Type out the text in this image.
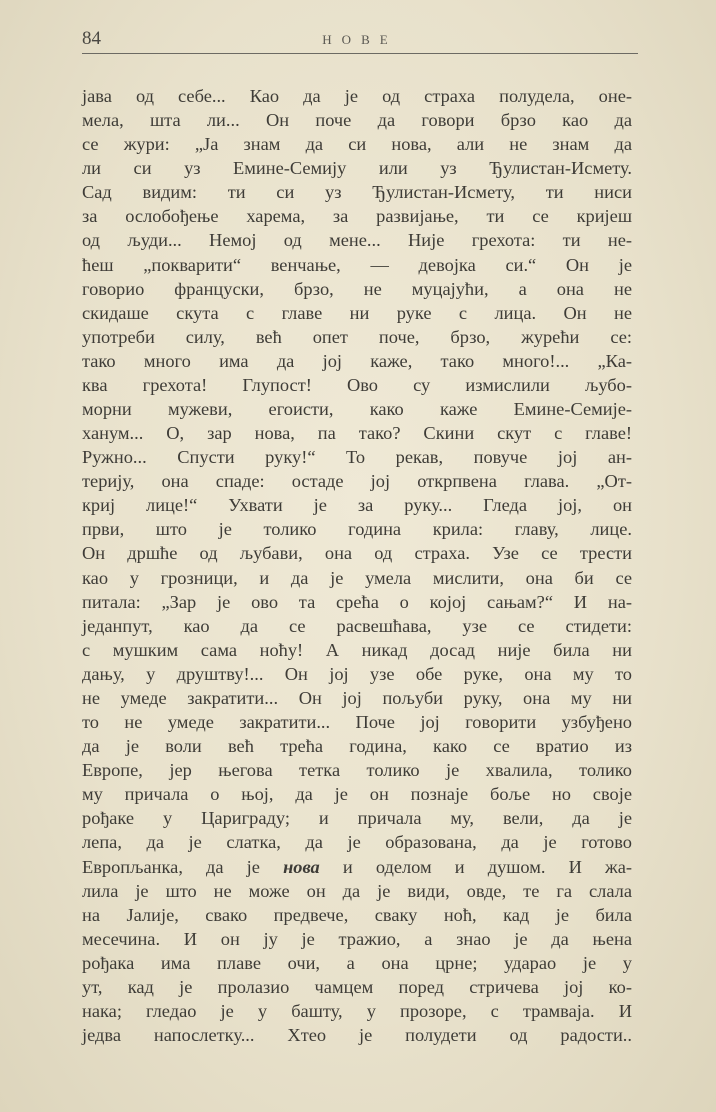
84	НОВЕ
јава од себе... Као да је од страха полудела, оне-
мела, шта ли... Он поче да говори брзо као да
се жури: „Ја знам да си нова, али не знам да
ли си уз Емине-Семију или уз Ђулистан-Исмету.
Сад видим: ти си уз Ђулистан-Исмету, ти ниси
за ослобођење харема, за развијање, ти се кријеш
од људи... Немој од мене... Није грехота: ти не-
ћеш „покварити“ венчање, — девојка си.“ Он је
говорио француски, брзо, не муцајући, а она не
скидаше скута с главе ни руке с лица. Он не
употреби силу, већ опет поче, брзо, журећи се:
тако много има да јој каже, тако много!... „Ка-
ква грехота! Глупост! Ово су измислили љубо-
морни мужеви, егоисти, како каже Емине-Семије-
ханум... О, зар нова, па тако? Скини скут с главе!
Ружно... Спусти руку!“ То рекав, повуче јој ан-
терију, она спаде: остаде јој открпвена глава. „От-
криј лице!“ Ухвати је за руку... Гледа јој, он
први, што је толико година крила: главу, лице.
Он дршће од љубави, она од страха. Узе се трести
као у грозници, и да је умела мислити, она би се
питала: „Зар је ово та срећа о којој сањам?“ И на-
једанпут, као да се расвешћава, узе се стидети:
с мушким сама ноћу! А никад досад није била ни
дању, у друштву!... Он јој узе обе руке, она му то
не умеде закратити... Он јој пољуби руку, она му ни
то не умеде закратити... Поче јој говорити узбуђено
да је воли већ трећа година, како се вратио из
Европе, јер његова тетка толико је хвалила, толико
му причала о њој, да је он познаје боље но своје
рођаке у Цариграду; и причала му, вели, да је
лепа, да је слатка, да је образована, да је готово
Европљанка, да је нова и оделом и душом. И жа-
лила је што не може он да је види, овде, те га слала
на Јалије, свако предвече, сваку ноћ, кад је била
месечина. И он ју је тражио, а знао је да њена
рођака има плаве очи, а она црне; ударао је у
ут, кад је пролазио чамцем поред стричева јој ко-
нака; гледао је у башту, у прозоре, с трамваја. И
једва напослетку... Хтео је полудети од радости..
